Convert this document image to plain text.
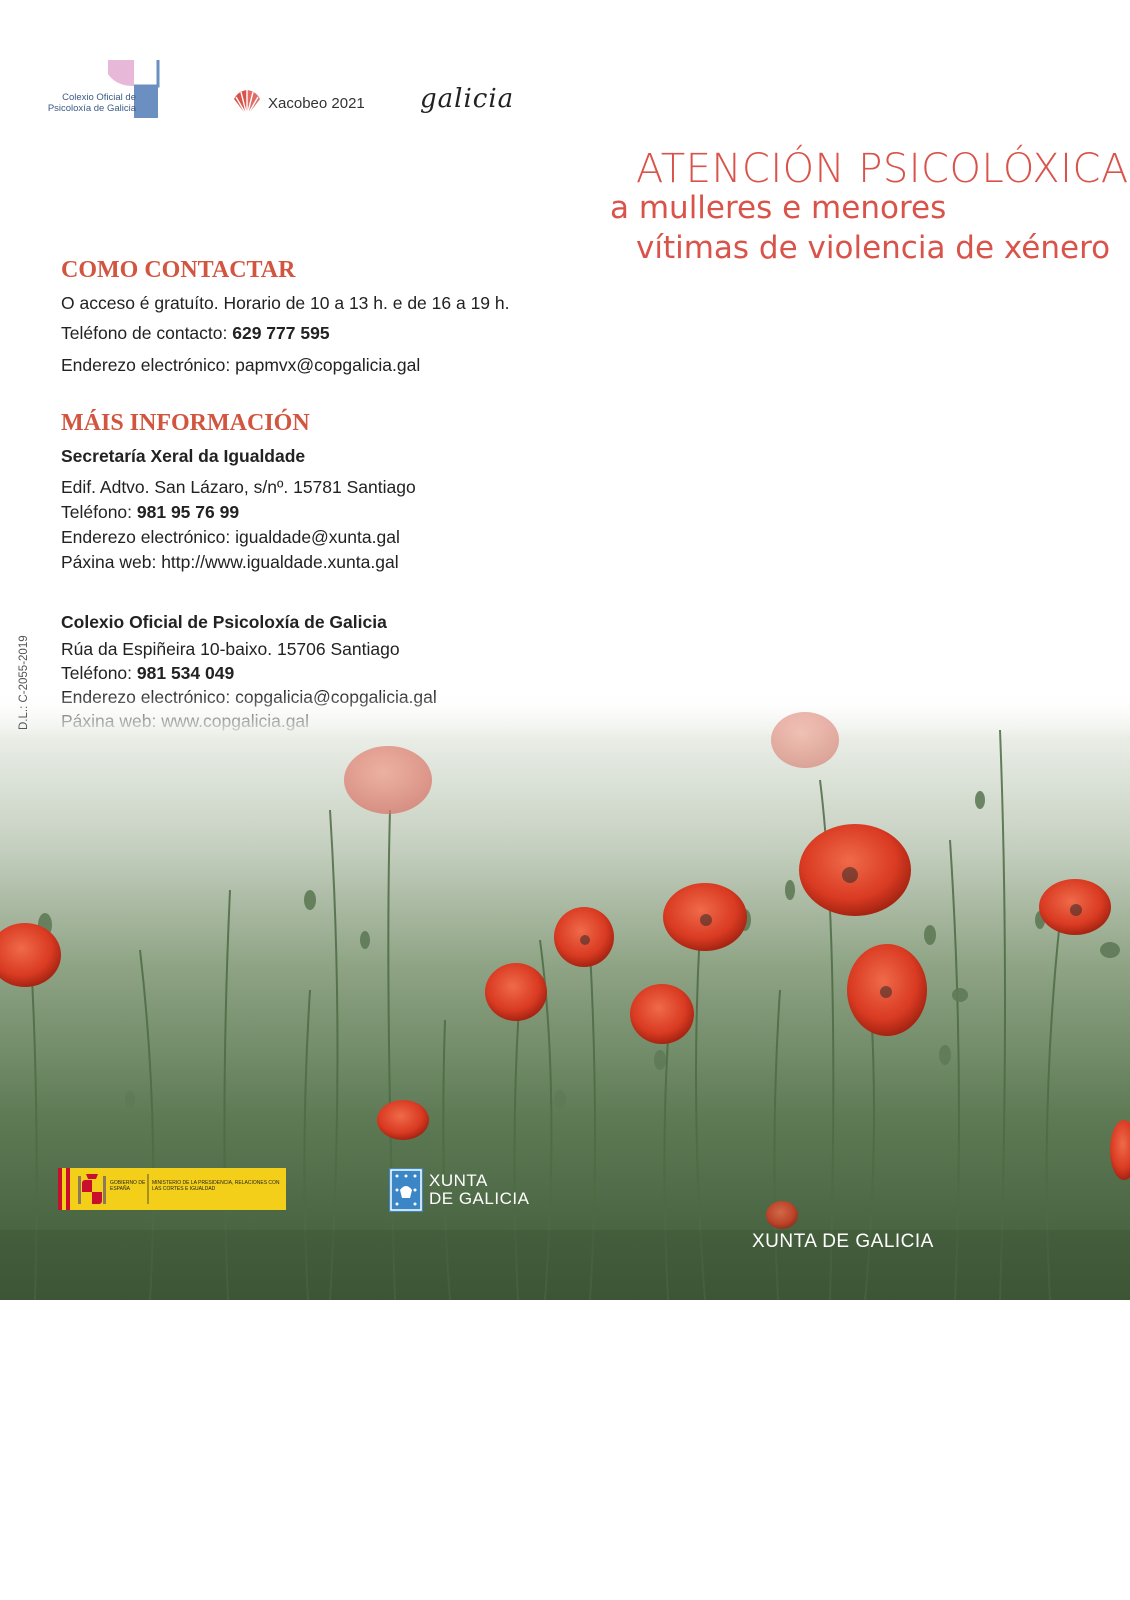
Colexio Oficial de
Psicoloxía de Galicia	Xacobeo 2021 galicia
ATENCIÓN PSICOLÓXICA
a mulleres e menores
vítimas de violencia de xénero
COMO CONTACTAR
O acceso é gratuíto. Horario de 10 a 13 h. e de 16 a 19 h.
Teléfono de contacto: 629 777 595
Enderezo electrónico: papmvx@copgalicia.gal
MÁIS INFORMACIÓN
Secretaría Xeral da Igualdade
Edif. Adtvo. San Lázaro, s/nº. 15781 Santiago
Teléfono: 981 95 76 99
Enderezo electrónico: igualdade@xunta.gal
Páxina web: http://www.igualdade.xunta.gal
Colexio Oficial de Psicoloxía de Galicia
Rúa da Espiñeira 10-baixo. 15706 Santiago
Teléfono: 981 534 049
D.L.: C-2055-2019
GOBIERNO DE ESPAÑA
MINISTERIO DE LA PRESIDENCIA, RELACIONES CON LAS CORTES E IGUALDAD	XUNTA
DE GALICIA
XUNTA DE GALICIA
